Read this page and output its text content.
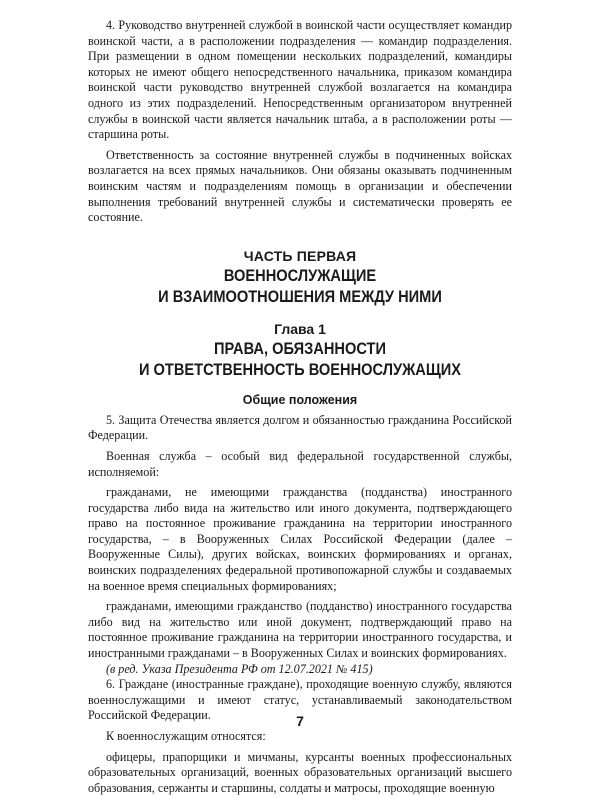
4. Руководство внутренней службой в воинской части осуществляет командир воинской части, а в расположении подразделения — командир подразделения. При размещении в одном помещении нескольких подразделений, командиры которых не имеют общего непосредственного начальника, приказом командира воинской части руководство внутренней службой возлагается на командира одного из этих подразделений. Непосредственным организатором внутренней службы в воинской части является начальник штаба, а в расположении роты — старшина роты.

Ответственность за состояние внутренней службы в подчиненных войсках возлагается на всех прямых начальников. Они обязаны оказывать подчиненным воинским частям и подразделениям помощь в организации и обеспечении выполнения требований внутренней службы и систематически проверять ее состояние.

ЧАСТЬ ПЕРВАЯ
ВОЕННОСЛУЖАЩИЕ
И ВЗАИМООТНОШЕНИЯ МЕЖДУ НИМИ
Глава 1
ПРАВА, ОБЯЗАННОСТИ
И ОТВЕТСТВЕННОСТЬ ВОЕННОСЛУЖАЩИХ
Общие положения

5. Защита Отечества является долгом и обязанностью гражданина Российской Федерации.

Военная служба – особый вид федеральной государственной службы, исполняемой:

гражданами, не имеющими гражданства (подданства) иностранного государства либо вида на жительство или иного документа, подтверждающего право на постоянное проживание гражданина на территории иностранного государства, – в Вооруженных Силах Российской Федерации (далее – Вооруженные Силы), других войсках, воинских формированиях и органах, воинских подразделениях федеральной противопожарной службы и создаваемых на военное время специальных формированиях;

гражданами, имеющими гражданство (подданство) иностранного государства либо вид на жительство или иной документ, подтверждающий право на постоянное проживание гражданина на территории иностранного государства, и иностранными гражданами – в Вооруженных Силах и воинских формированиях.

(в ред. Указа Президента РФ от 12.07.2021 № 415)

6. Граждане (иностранные граждане), проходящие военную службу, являются военнослужащими и имеют статус, устанавливаемый законодательством Российской Федерации.

К военнослужащим относятся:

офицеры, прапорщики и мичманы, курсанты военных профессиональных образовательных организаций, военных образовательных организаций высшего образования, сержанты и старшины, солдаты и матросы, проходящие военную

7
